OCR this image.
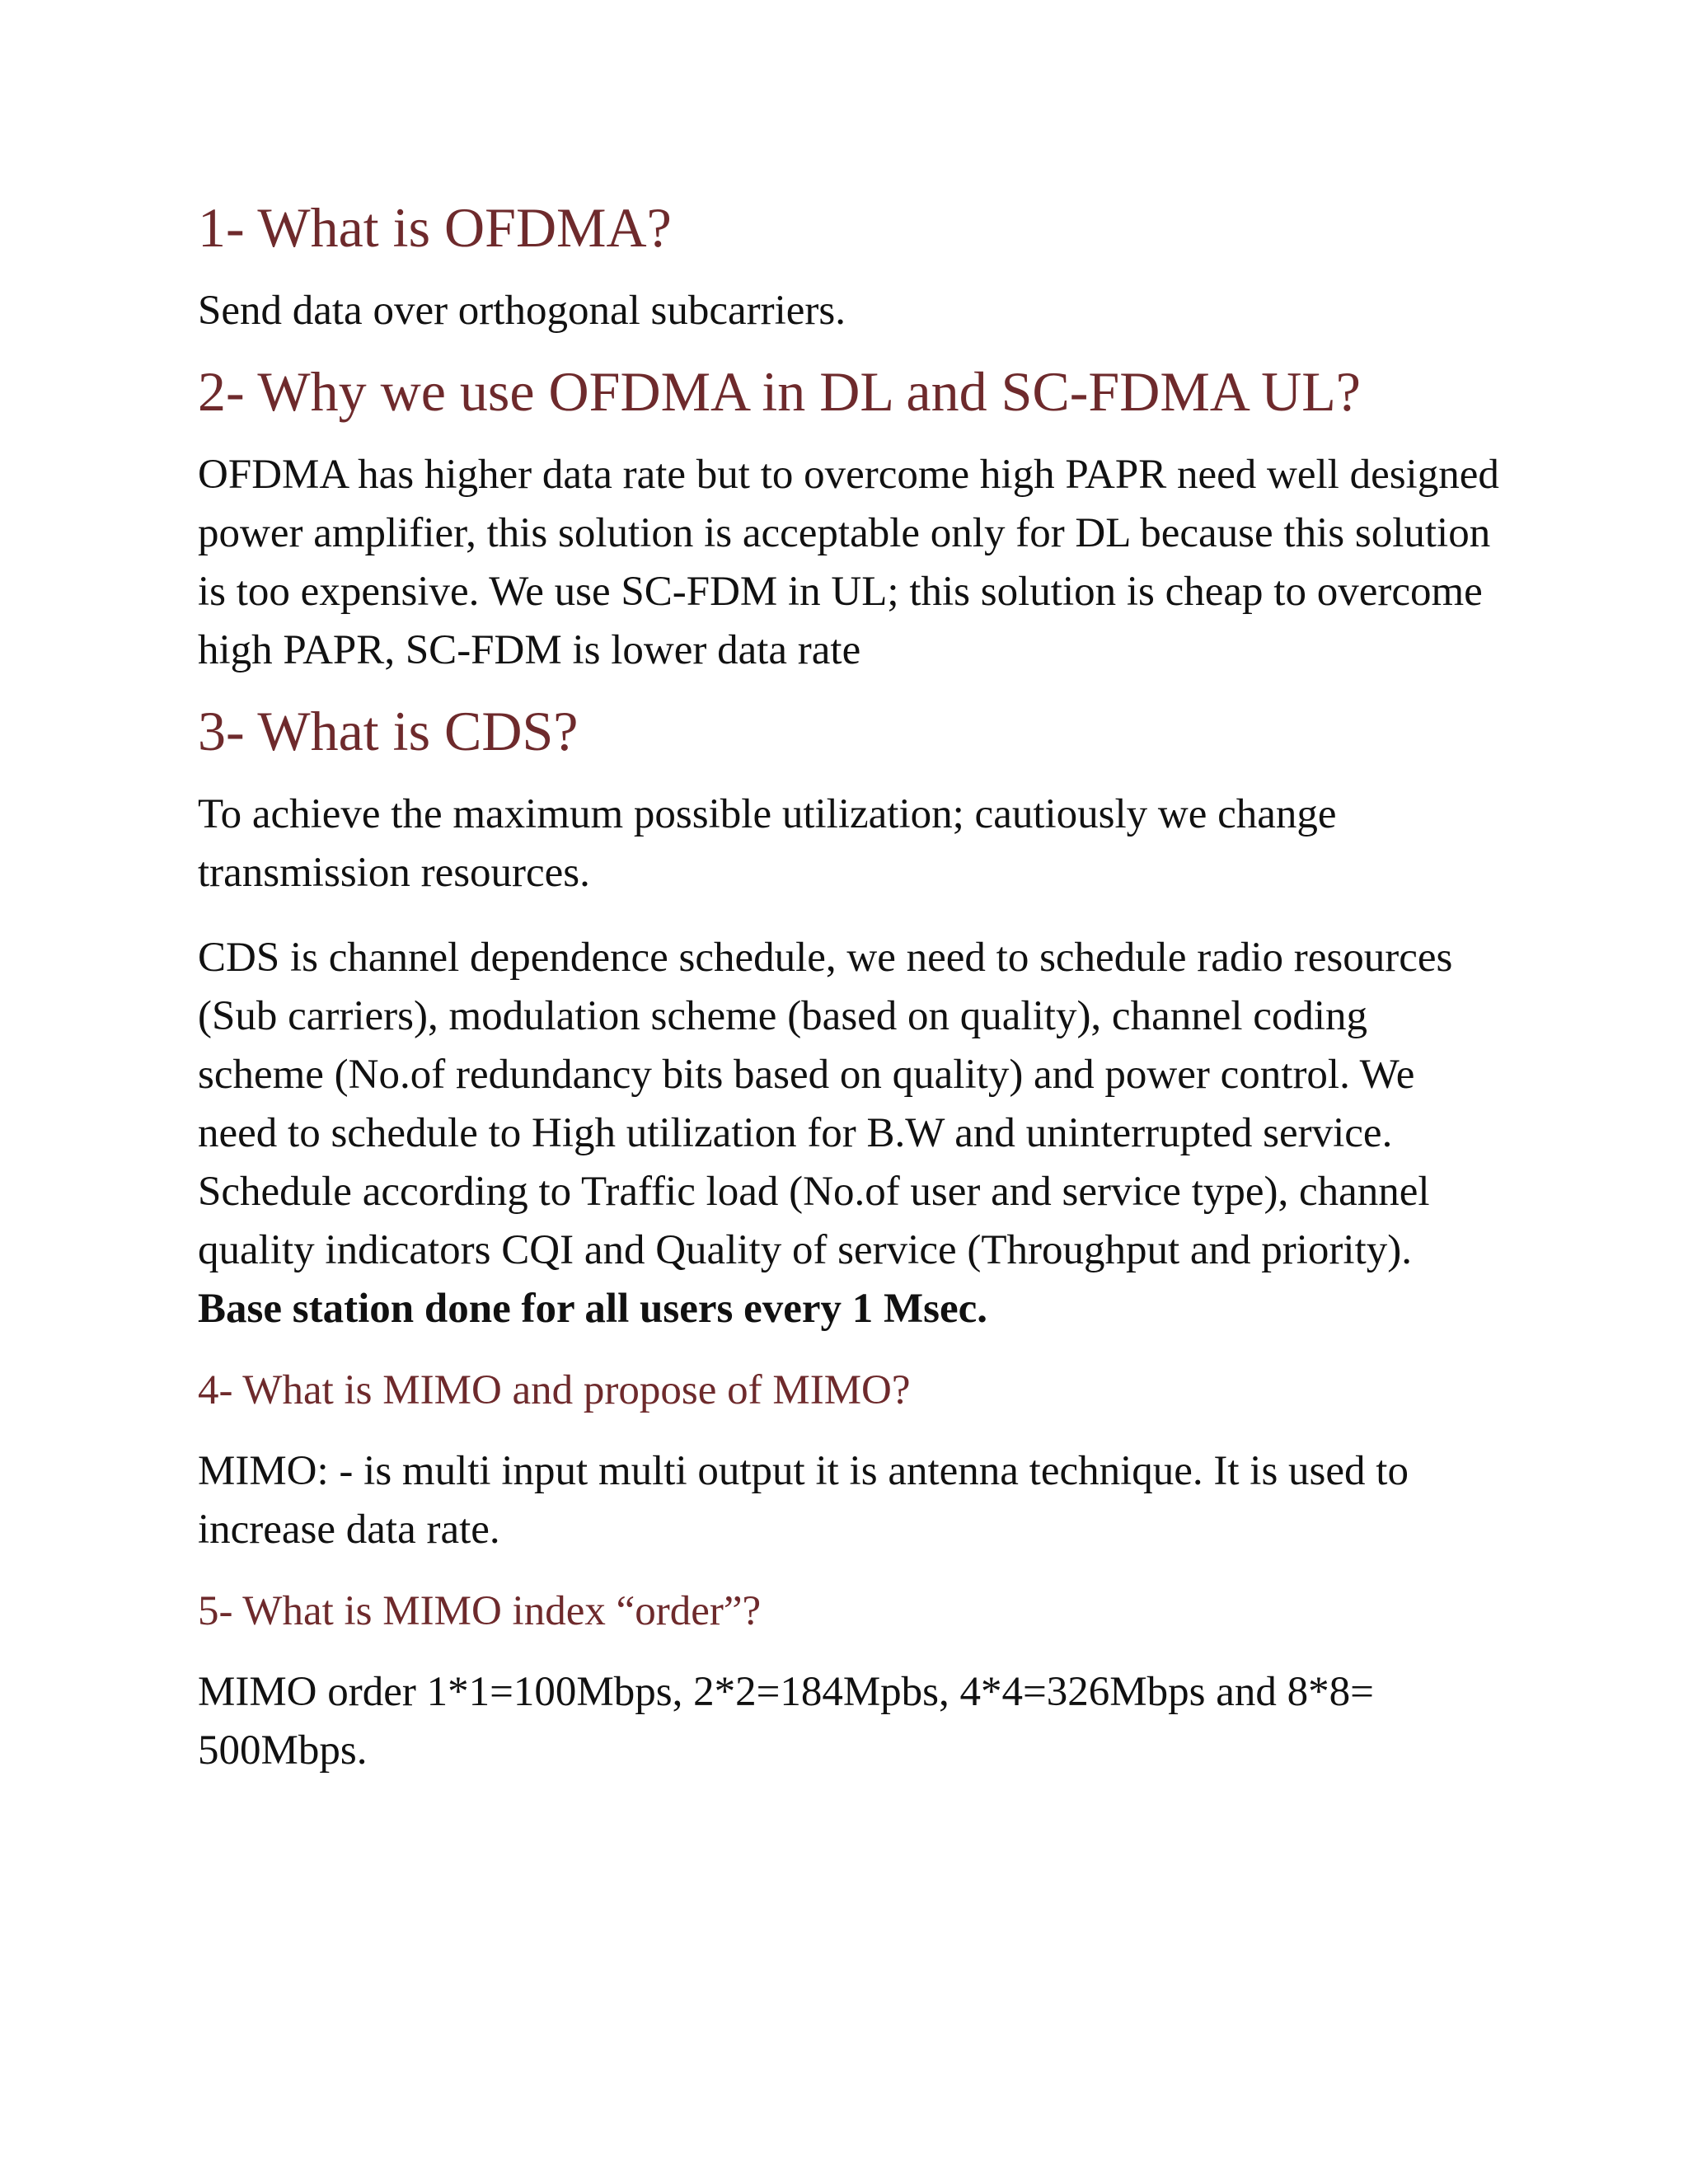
1- What is OFDMA?

Send data over orthogonal subcarriers.

2- Why we use OFDMA in DL and SC-FDMA UL?

OFDMA has higher data rate but to overcome high PAPR need well designed power amplifier, this solution is acceptable only for DL because this solution is too expensive. We use SC-FDM in UL; this solution is cheap to overcome high PAPR, SC-FDM is lower data rate

3- What is CDS?

To achieve the maximum possible utilization; cautiously we change transmission resources.

CDS is channel dependence schedule, we need to schedule radio resources (Sub carriers), modulation scheme (based on quality), channel coding scheme (No.of redundancy bits based on quality) and power control. We need to schedule to High utilization for B.W and uninterrupted service. Schedule according to Traffic load (No.of user and service type), channel quality indicators CQI and Quality of service (Throughput and priority). Base station done for all users every 1 Msec.

4- What is MIMO and propose of MIMO?

MIMO: - is multi input multi output it is antenna technique. It is used to increase data rate.

5- What is MIMO index “order”?

MIMO order 1*1=100Mbps, 2*2=184Mpbs, 4*4=326Mbps and 8*8= 500Mbps.
